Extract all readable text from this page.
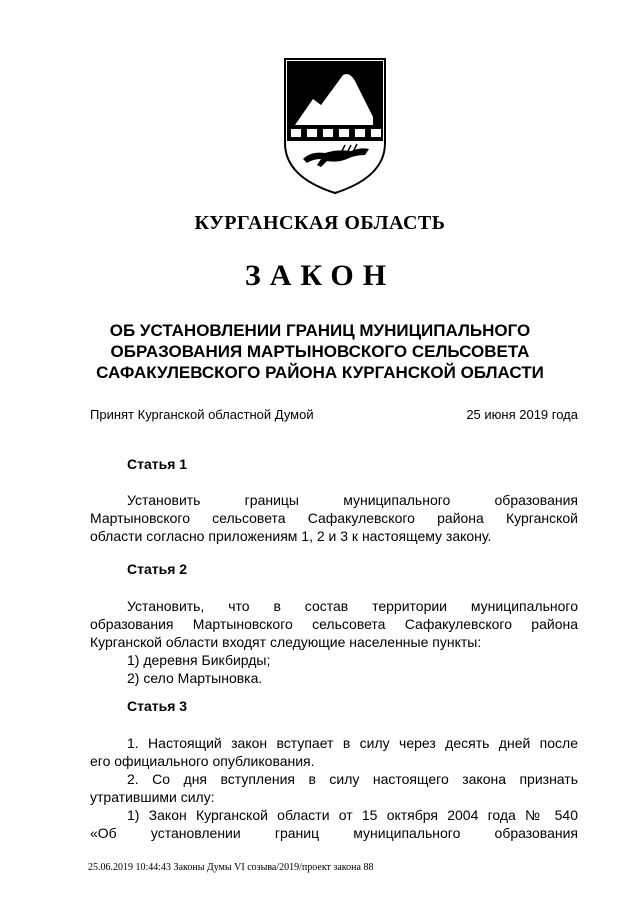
КУРГАНСКАЯ ОБЛАСТЬ
ЗАКОН
ОБ УСТАНОВЛЕНИИ ГРАНИЦ МУНИЦИПАЛЬНОГО
ОБРАЗОВАНИЯ МАРТЫНОВСКОГО СЕЛЬСОВЕТА
САФАКУЛЕВСКОГО РАЙОНА КУРГАНСКОЙ ОБЛАСТИ
Принят Курганской областной Думой	25 июня 2019 года
Статья 1
Установить границы муниципального образования
Мартыновского сельсовета Сафакулевского района Курганской
области согласно приложениям 1, 2 и 3 к настоящему закону.
Статья 2
Установить, что в состав территории муниципального
образования Мартыновского сельсовета Сафакулевского района
Курганской области входят следующие населенные пункты:
1) деревня Бикбирды;
2) село Мартыновка.
Статья 3
1. Настоящий закон вступает в силу через десять дней после
его официального опубликования.
2. Со дня вступления в силу настоящего закона признать
утратившими силу:
1) Закон Курганской области от 15 октября 2004 года № 540
«Об установлении границ муниципального образования
25.06.2019 10:44:43 Законы Думы VI созыва/2019/проект закона 88
